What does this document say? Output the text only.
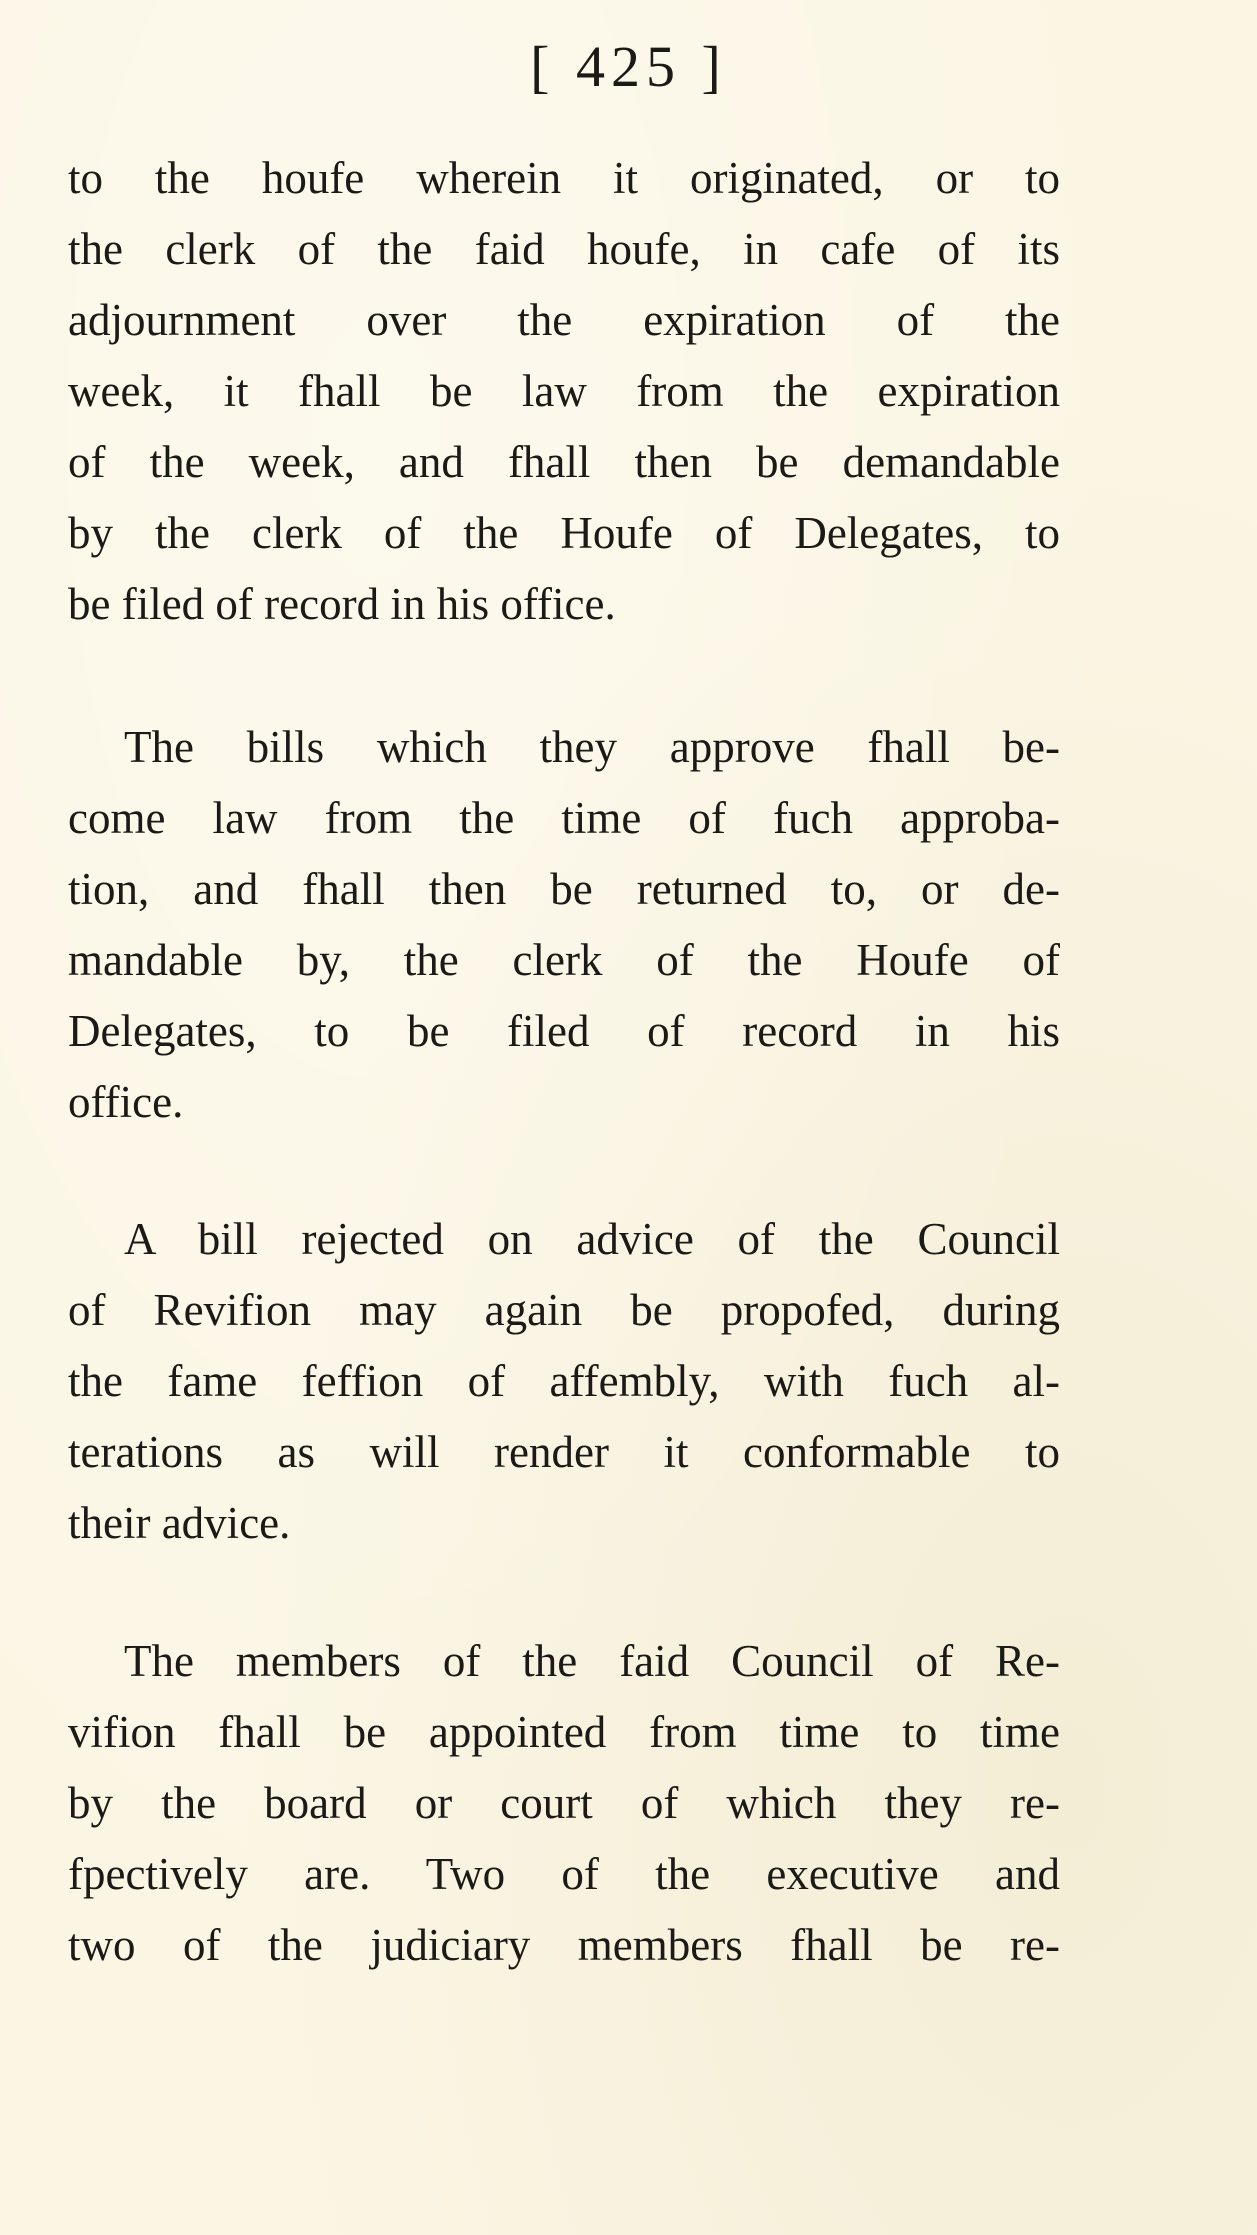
[ 425 ]
to the houfe wherein it originated, or to
the clerk of the faid houfe, in cafe of its
adjournment over the expiration of the
week, it fhall be law from the expiration
of the week, and fhall then be demandable
by the clerk of the Houfe of Delegates, to
be filed of record in his office.
The bills which they approve fhall be-
come law from the time of fuch approba-
tion, and fhall then be returned to, or de-
mandable by, the clerk of the Houfe of
Delegates, to be filed of record in his
office.
A bill rejected on advice of the Council
of Revifion may again be propofed, during
the fame feffion of affembly, with fuch al-
terations as will render it conformable to
their advice.
The members of the faid Council of Re-
vifion fhall be appointed from time to time
by the board or court of which they re-
fpectively are. Two of the executive and
two of the judiciary members fhall be re-
